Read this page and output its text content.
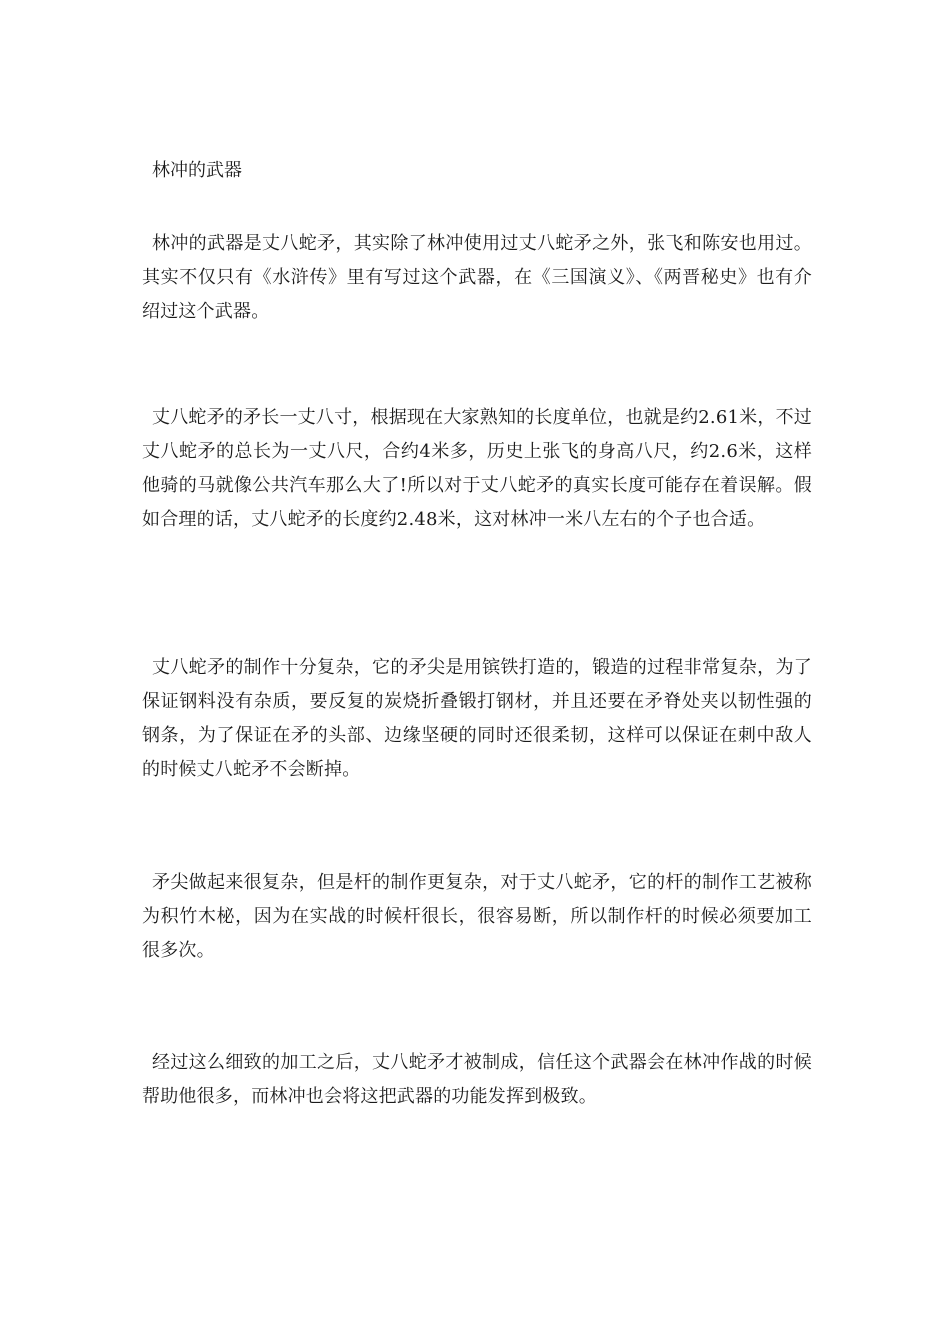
林冲的武器

林冲的武器是丈八蛇矛，其实除了林冲使用过丈八蛇矛之外，张飞和陈安也用过。其实不仅只有《水浒传》里有写过这个武器，在《三国演义》、《两晋秘史》也有介绍过这个武器。

丈八蛇矛的矛长一丈八寸，根据现在大家熟知的长度单位，也就是约2.61米，不过丈八蛇矛的总长为一丈八尺，合约4米多，历史上张飞的身高八尺，约2.6米，这样他骑的马就像公共汽车那么大了!所以对于丈八蛇矛的真实长度可能存在着误解。假如合理的话，丈八蛇矛的长度约2.48米，这对林冲一米八左右的个子也合适。

丈八蛇矛的制作十分复杂，它的矛尖是用镔铁打造的，锻造的过程非常复杂，为了保证钢料没有杂质，要反复的炭烧折叠锻打钢材，并且还要在矛脊处夹以韧性强的钢条，为了保证在矛的头部、边缘坚硬的同时还很柔韧，这样可以保证在刺中敌人的时候丈八蛇矛不会断掉。

矛尖做起来很复杂，但是杆的制作更复杂，对于丈八蛇矛，它的杆的制作工艺被称为积竹木柲，因为在实战的时候杆很长，很容易断，所以制作杆的时候必须要加工很多次。

经过这么细致的加工之后，丈八蛇矛才被制成，信任这个武器会在林冲作战的时候帮助他很多，而林冲也会将这把武器的功能发挥到极致。
